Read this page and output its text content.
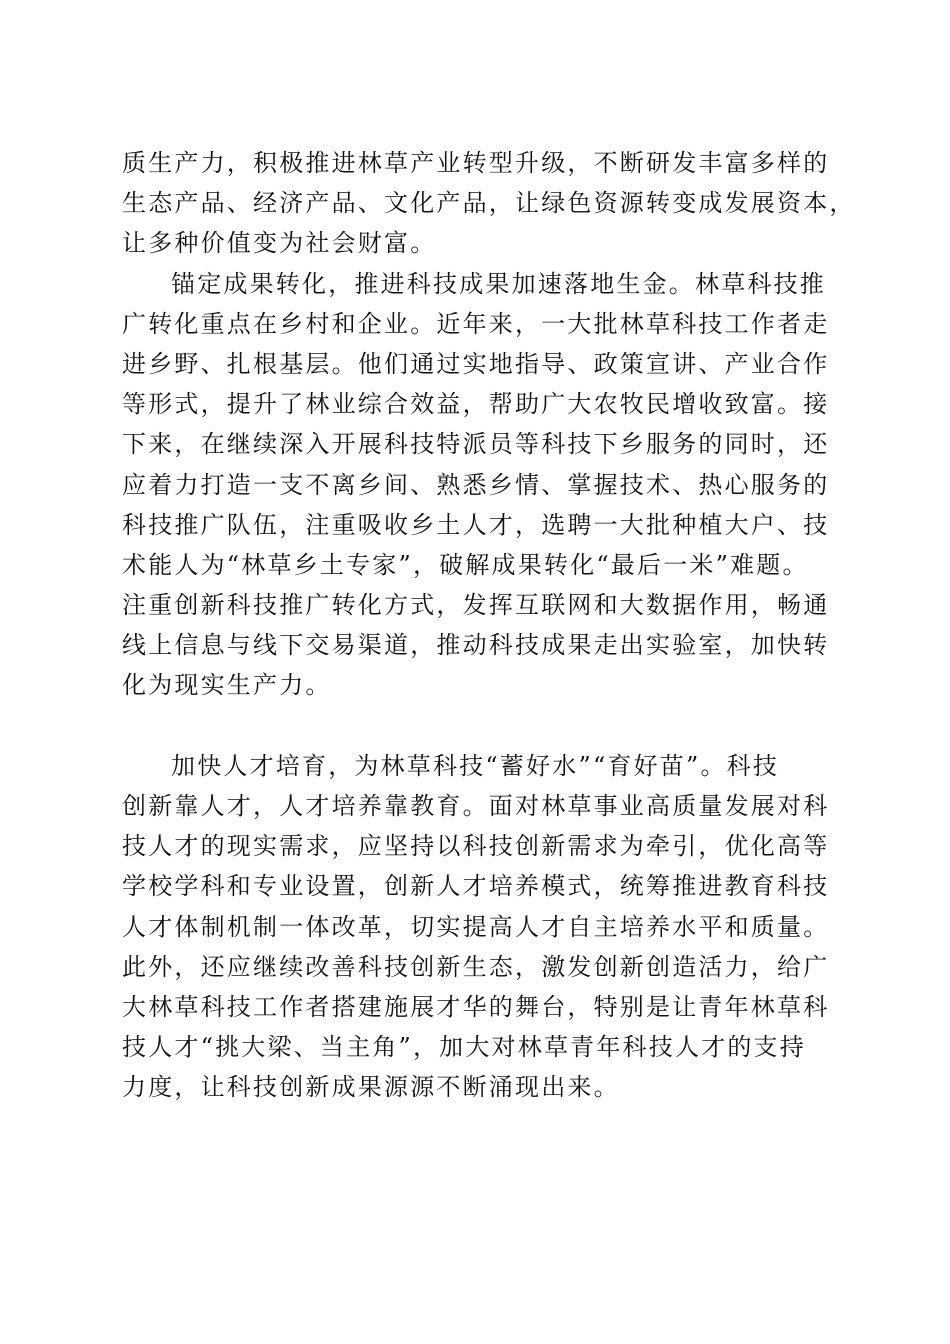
质生产力，积极推进林草产业转型升级，不断研发丰富多样的
生态产品、经济产品、文化产品，让绿色资源转变成发展资本，
让多种价值变为社会财富。
锚定成果转化，推进科技成果加速落地生金。林草科技推
广转化重点在乡村和企业。近年来，一大批林草科技工作者走
进乡野、扎根基层。他们通过实地指导、政策宣讲、产业合作
等形式，提升了林业综合效益，帮助广大农牧民增收致富。接
下来，在继续深入开展科技特派员等科技下乡服务的同时，还
应着力打造一支不离乡间、熟悉乡情、掌握技术、热心服务的
科技推广队伍，注重吸收乡土人才，选聘一大批种植大户、技
术能人为“林草乡土专家”，破解成果转化“最后一米”难题。
注重创新科技推广转化方式，发挥互联网和大数据作用，畅通
线上信息与线下交易渠道，推动科技成果走出实验室，加快转
化为现实生产力。
加快人才培育，为林草科技“蓄好水”“育好苗”。科技
创新靠人才，人才培养靠教育。面对林草事业高质量发展对科
技人才的现实需求，应坚持以科技创新需求为牵引，优化高等
学校学科和专业设置，创新人才培养模式，统筹推进教育科技
人才体制机制一体改革，切实提高人才自主培养水平和质量。
此外，还应继续改善科技创新生态，激发创新创造活力，给广
大林草科技工作者搭建施展才华的舞台，特别是让青年林草科
技人才“挑大梁、当主角”，加大对林草青年科技人才的支持
力度，让科技创新成果源源不断涌现出来。
